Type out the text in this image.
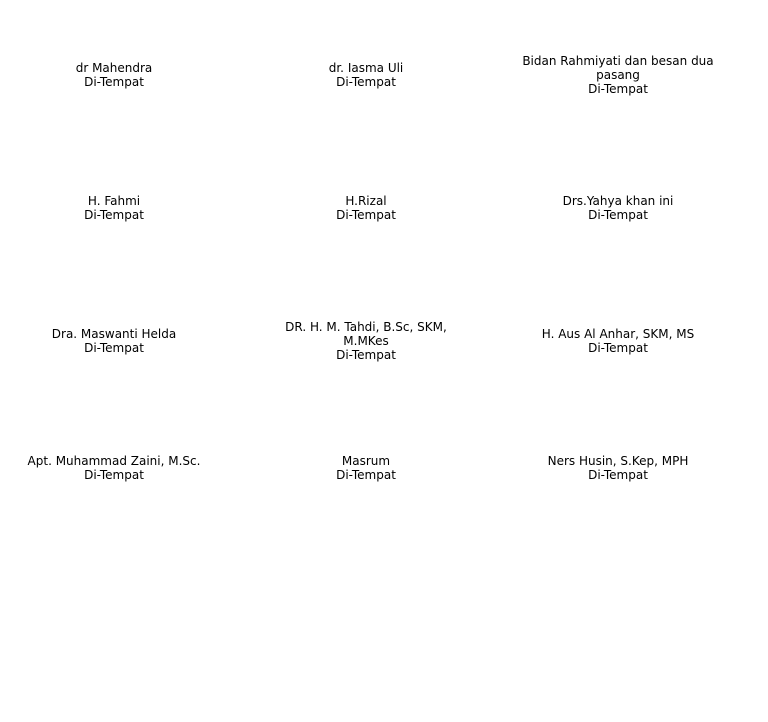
dr Mahendra
Di-Tempat
dr. Iasma Uli
Di-Tempat
Bidan Rahmiyati dan besan dua pasang
Di-Tempat
H. Fahmi
Di-Tempat
H.Rizal
Di-Tempat
Drs.Yahya khan ini
Di-Tempat
Dra. Maswanti Helda
Di-Tempat
DR. H. M. Tahdi, B.Sc, SKM, M.MKes
Di-Tempat
H. Aus Al Anhar, SKM, MS
Di-Tempat
Apt. Muhammad Zaini, M.Sc.
Di-Tempat
Masrum
Di-Tempat
Ners Husin, S.Kep, MPH
Di-Tempat
